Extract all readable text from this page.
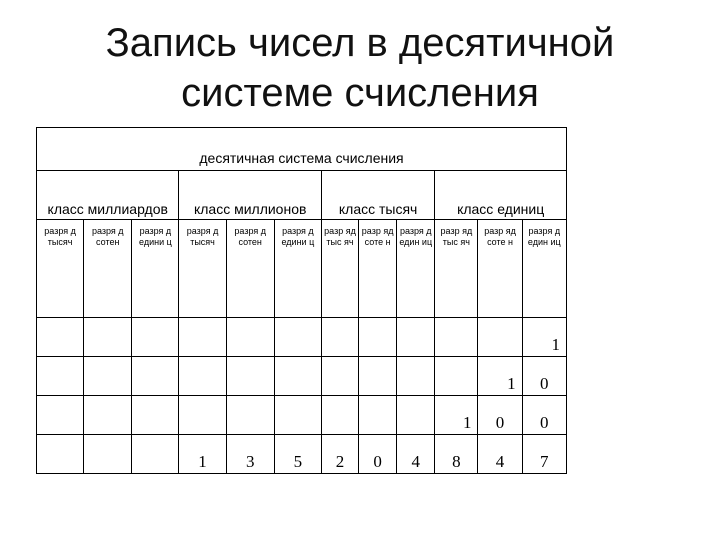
Запись чисел в десятичной
системе счисления
десятичная система счисления											
класс миллиардов			класс миллионов			класс тысяч			класс единиц		
разря д тысяч	разря д сотен	разря д едини ц	разря д тысяч	разря д сотен	разря д едини ц	разр яд тыс яч	разр яд соте н	разря д един иц	разр яд тыс яч	разр яд соте н	разря д един иц
											1
										1	0
									1	0	0
			1	3	5	2	0	4	8	4	7
